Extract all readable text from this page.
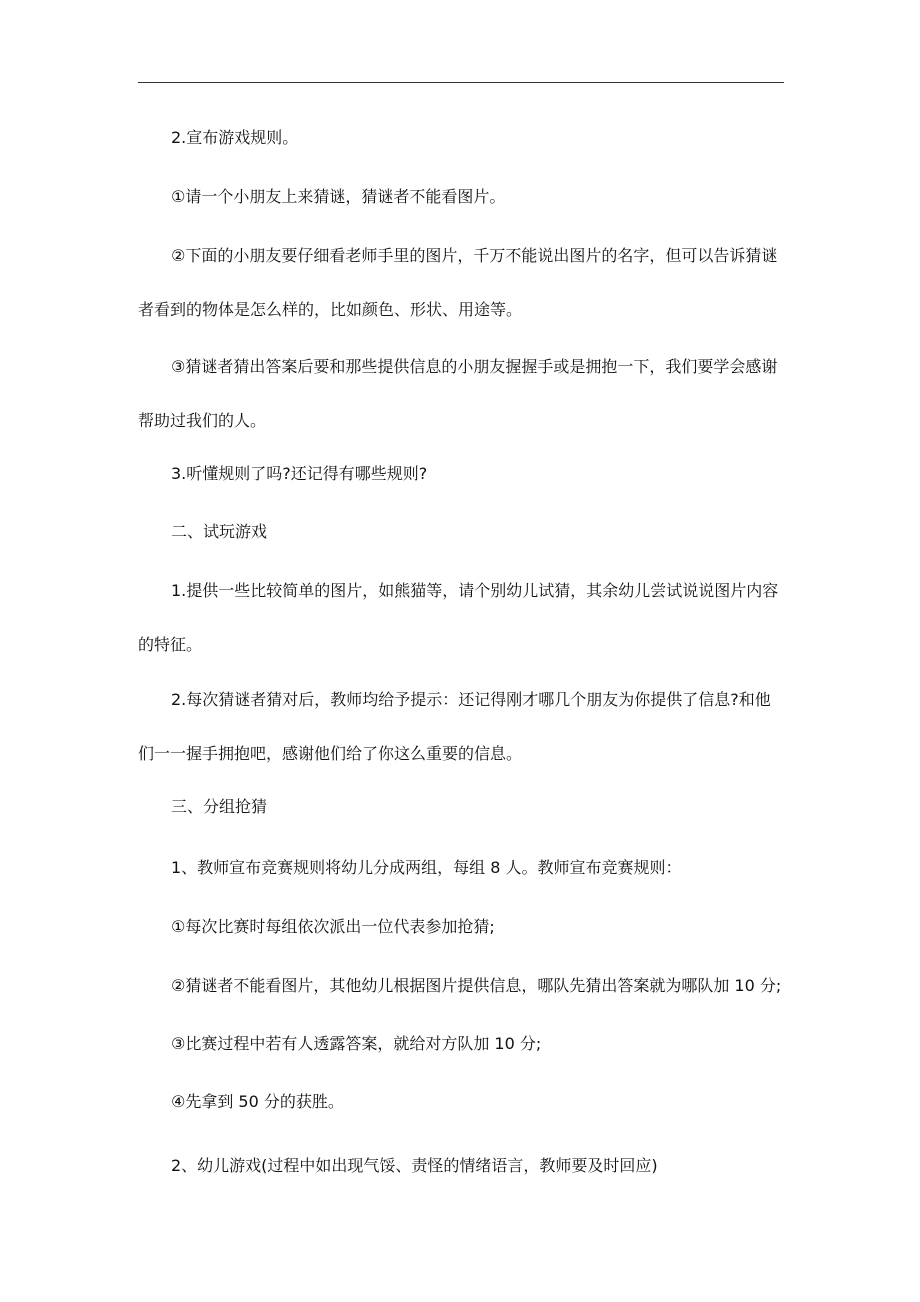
2.宣布游戏规则。
①请一个小朋友上来猜谜，猜谜者不能看图片。
②下面的小朋友要仔细看老师手里的图片，千万不能说出图片的名字，但可以告诉猜谜者看到的物体是怎么样的，比如颜色、形状、用途等。
③猜谜者猜出答案后要和那些提供信息的小朋友握握手或是拥抱一下，我们要学会感谢帮助过我们的人。
3.听懂规则了吗?还记得有哪些规则?
二、试玩游戏
1.提供一些比较简单的图片，如熊猫等，请个别幼儿试猜，其余幼儿尝试说说图片内容的特征。
2.每次猜谜者猜对后，教师均给予提示：还记得刚才哪几个朋友为你提供了信息?和他们一一握手拥抱吧，感谢他们给了你这么重要的信息。
三、分组抢猜
1、教师宣布竞赛规则将幼儿分成两组，每组 8 人。教师宣布竞赛规则：
①每次比赛时每组依次派出一位代表参加抢猜;
②猜谜者不能看图片，其他幼儿根据图片提供信息，哪队先猜出答案就为哪队加 10 分;
③比赛过程中若有人透露答案，就给对方队加 10 分;
④先拿到 50 分的获胜。
2、幼儿游戏(过程中如出现气馁、责怪的情绪语言，教师要及时回应)
